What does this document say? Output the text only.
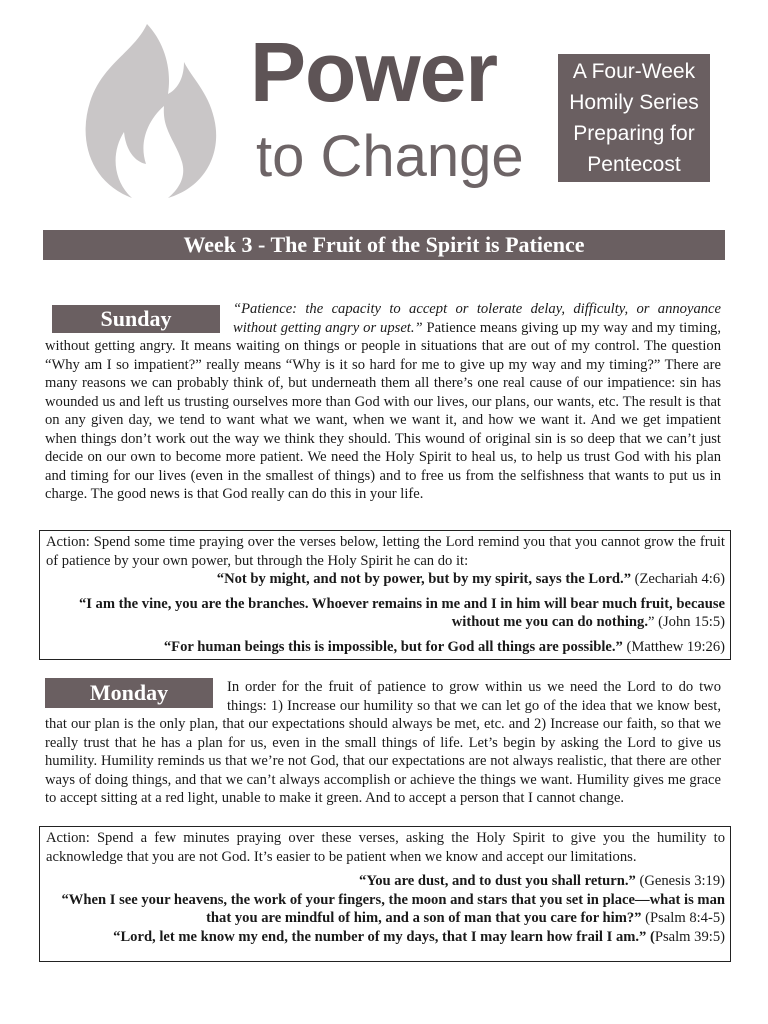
Power
to Change
A Four-Week
Homily Series
Preparing for
Pentecost
Week 3 - The Fruit of the Spirit is Patience
Sunday	“Patience: the capacity to accept or tolerate delay, difficulty, or annoyance without getting angry or upset.” Patience means giving up my way and my timing, without getting angry. It means waiting on things or people in situations that are out of my control. The question “Why am I so impatient?” really means “Why is it so hard for me to give up my way and my timing?” There are many reasons we can probably think of, but underneath them all there’s one real cause of our impatience: sin has wounded us and left us trusting ourselves more than God with our lives, our plans, our wants, etc. The result is that on any given day, we tend to want what we want, when we want it, and how we want it. And we get impatient when things don’t work out the way we think they should. This wound of original sin is so deep that we can’t just decide on our own to become more patient. We need the Holy Spirit to heal us, to help us trust God with his plan and timing for our lives (even in the smallest of things) and to free us from the selfishness that wants to put us in charge. The good news is that God really can do this in your life.

Action: Spend some time praying over the verses below, letting the Lord remind you that you cannot grow the fruit of patience by your own power, but through the Holy Spirit he can do it:
“Not by might, and not by power, but by my spirit, says the Lord.” (Zechariah 4:6)
“I am the vine, you are the branches. Whoever remains in me and I in him will bear much fruit, because without me you can do nothing.” (John 15:5)
“For human beings this is impossible, but for God all things are possible.” (Matthew 19:26)
Monday	In order for the fruit of patience to grow within us we need the Lord to do two things: 1) Increase our humility so that we can let go of the idea that we know best, that our plan is the only plan, that our expectations should always be met, etc. and 2) Increase our faith, so that we really trust that he has a plan for us, even in the small things of life. Let’s begin by asking the Lord to give us humility. Humility reminds us that we’re not God, that our expectations are not always realistic, that there are other ways of doing things, and that we can’t always accomplish or achieve the things we want. Humility gives me grace to accept sitting at a red light, unable to make it green. And to accept a person that I cannot change.

Action: Spend a few minutes praying over these verses, asking the Holy Spirit to give you the humility to acknowledge that you are not God. It’s easier to be patient when we know and accept our limitations.
“You are dust, and to dust you shall return.” (Genesis 3:19)
“When I see your heavens, the work of your fingers, the moon and stars that you set in place—what is man that you are mindful of him, and a son of man that you care for him?” (Psalm 8:4-5)
“Lord, let me know my end, the number of my days, that I may learn how frail I am.” (Psalm 39:5)
